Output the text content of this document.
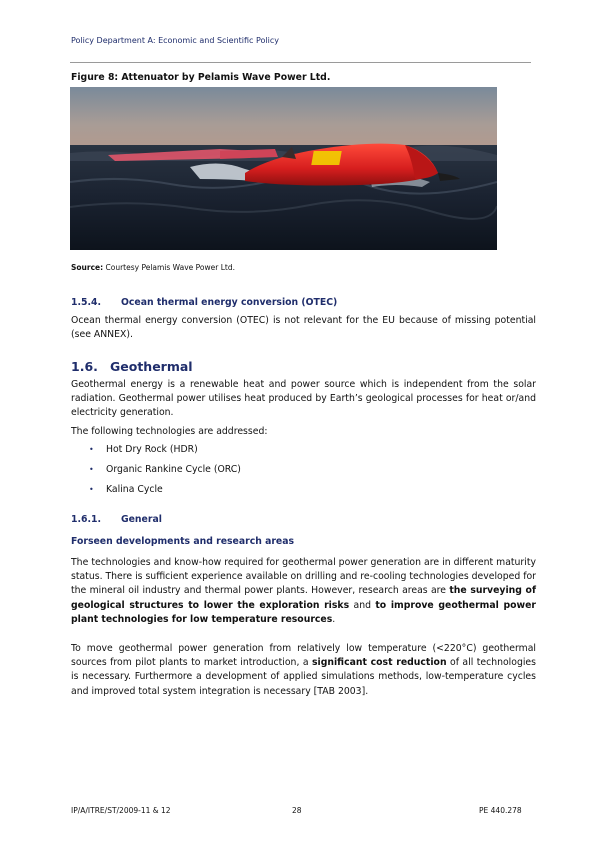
Policy Department A: Economic and Scientific Policy
Figure 8: Attenuator by Pelamis Wave Power Ltd.
Source: Courtesy Pelamis Wave Power Ltd.
1.5.4. Ocean thermal energy conversion (OTEC)
Ocean thermal energy conversion (OTEC) is not relevant for the EU because of missing potential (see ANNEX).
1.6. Geothermal
Geothermal energy is a renewable heat and power source which is independent from the solar radiation. Geothermal power utilises heat produced by Earth’s geological processes for heat or/and electricity generation.
The following technologies are addressed:
•	Hot Dry Rock (HDR)
•	Organic Rankine Cycle (ORC)
•	Kalina Cycle
1.6.1. General
Forseen developments and research areas
The technologies and know-how required for geothermal power generation are in different maturity status. There is sufficient experience available on drilling and re-cooling technologies developed for the mineral oil industry and thermal power plants. However, research areas are the surveying of geological structures to lower the exploration risks and to improve geothermal power plant technologies for low temperature resources.
To move geothermal power generation from relatively low temperature (<220°C) geothermal sources from pilot plants to market introduction, a significant cost reduction of all technologies is necessary. Furthermore a development of applied simulations methods, low-temperature cycles and improved total system integration is necessary [TAB 2003].
IP/A/ITRE/ST/2009-11 & 12	28	PE 440.278
